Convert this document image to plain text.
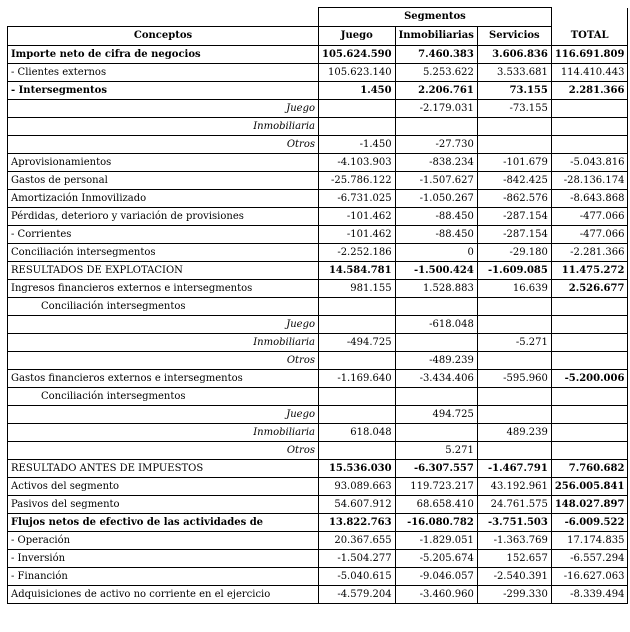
	Segmentos			
Conceptos	Juego	Inmobiliarias	Servicios	TOTAL
Importe neto de cifra de negocios	105.624.590	7.460.383	3.606.836	116.691.809
- Clientes externos	105.623.140	5.253.622	3.533.681	114.410.443
- Intersegmentos	1.450	2.206.761	73.155	2.281.366
Juego		-2.179.031	-73.155	
Inmobiliaria				
Otros	-1.450	-27.730		
Aprovisionamientos	-4.103.903	-838.234	-101.679	-5.043.816
Gastos de personal	-25.786.122	-1.507.627	-842.425	-28.136.174
Amortización Inmovilizado	-6.731.025	-1.050.267	-862.576	-8.643.868
Pérdidas, deterioro y variación de provisiones	-101.462	-88.450	-287.154	-477.066
- Corrientes	-101.462	-88.450	-287.154	-477.066
Conciliación intersegmentos	-2.252.186	0	-29.180	-2.281.366
RESULTADOS DE EXPLOTACION	14.584.781	-1.500.424	-1.609.085	11.475.272
Ingresos financieros externos e intersegmentos	981.155	1.528.883	16.639	2.526.677
Conciliación intersegmentos				
Juego		-618.048		
Inmobiliaria	-494.725		-5.271	
Otros		-489.239		
Gastos financieros externos e intersegmentos	-1.169.640	-3.434.406	-595.960	-5.200.006
Conciliación intersegmentos				
Juego		494.725		
Inmobiliaria	618.048		489.239	
Otros		5.271		
RESULTADO ANTES DE IMPUESTOS	15.536.030	-6.307.557	-1.467.791	7.760.682
Activos del segmento	93.089.663	119.723.217	43.192.961	256.005.841
Pasivos del segmento	54.607.912	68.658.410	24.761.575	148.027.897
Flujos netos de efectivo de las actividades de	13.822.763	-16.080.782	-3.751.503	-6.009.522
- Operación	20.367.655	-1.829.051	-1.363.769	17.174.835
- Inversión	-1.504.277	-5.205.674	152.657	-6.557.294
- Financión	-5.040.615	-9.046.057	-2.540.391	-16.627.063
Adquisiciones de activo no corriente en el ejercicio	-4.579.204	-3.460.960	-299.330	-8.339.494
